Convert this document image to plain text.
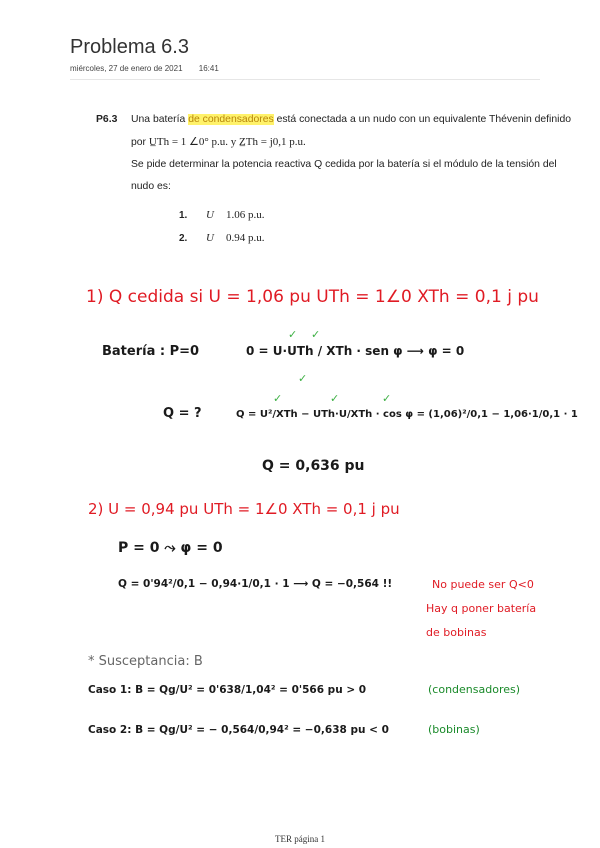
Problema 6.3
miércoles, 27 de enero de 2021 16:41
P6.3 Una batería de condensadores está conectada a un nudo con un equivalente Thévenin definido
por U̲Th = 1 ∠0° p.u. y Z̲Th = j0,1 p.u.
Se pide determinar la potencia reactiva Q cedida por la batería si el módulo de la tensión del nudo es:
1. U 1.06 p.u.
2. U 0.94 p.u.
1) Q cedida si U = 1,06 pu UTh = 1∠0 XTh = 0,1 j pu
Batería : P=0	0 = U·UTh / XTh · sen φ ⟶ φ = 0
✓ ✓
✓
Q = ?	Q = U²/XTh − UTh·U/XTh · cos φ = (1,06)²/0,1 − 1,06·1/0,1 · 1
✓	✓	✓
Q = 0,636 pu
2) U = 0,94 pu UTh = 1∠0 XTh = 0,1 j pu
P = 0 ⤳ φ = 0
Q = 0'94²/0,1 − 0,94·1/0,1 · 1 ⟶ Q = −0,564 !!	No puede ser Q<0
Hay q poner batería
de bobinas
* Susceptancia: B
Caso 1: B = Qg/U² = 0'638/1,04² = 0'566 pu > 0	(condensadores)
Caso 2: B = Qg/U² = − 0,564/0,94² = −0,638 pu < 0	(bobinas)
TER página 1
